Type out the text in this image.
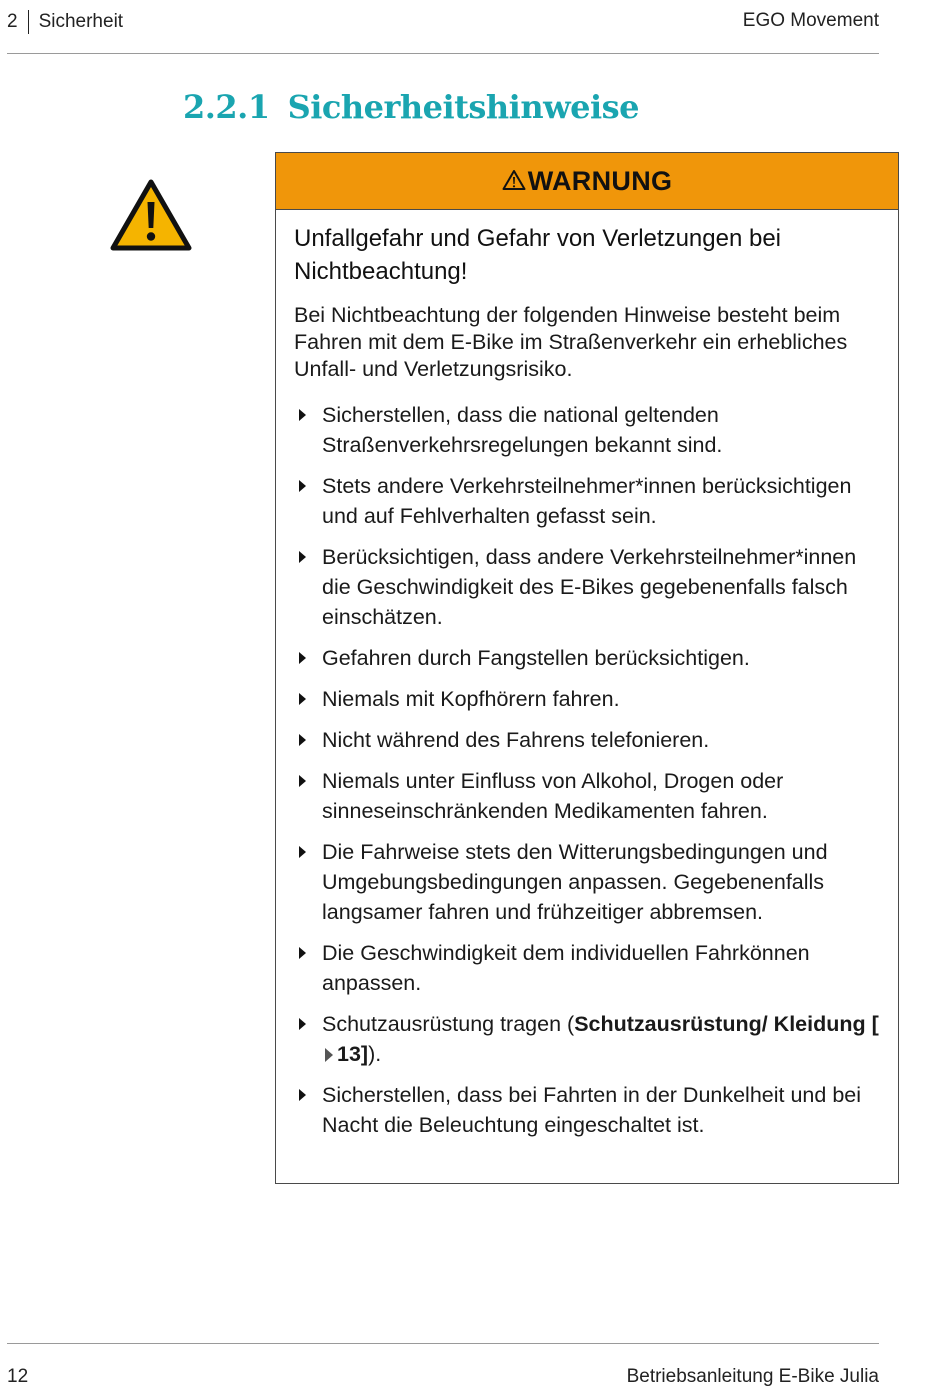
2 Sicherheit	EGO Movement
2.2.1 Sicherheitshinweise
WARNUNG

Unfallgefahr und Gefahr von Verletzungen bei Nichtbeachtung!

Bei Nichtbeachtung der folgenden Hinweise besteht beim Fahren mit dem E-Bike im Straßenverkehr ein erhebliches Unfall- und Verletzungsrisiko.

Sicherstellen, dass die national geltenden Straßenverkehrsregelungen bekannt sind.
Stets andere Verkehrsteilnehmer*innen berücksichtigen und auf Fehlverhalten gefasst sein.
Berücksichtigen, dass andere Verkehrsteilnehmer*innen die Geschwindigkeit des E-Bikes gegebenenfalls falsch einschätzen.
Gefahren durch Fangstellen berücksichtigen.
Niemals mit Kopfhörern fahren.
Nicht während des Fahrens telefonieren.
Niemals unter Einfluss von Alkohol, Drogen oder sinneseinschränkenden Medikamenten fahren.
Die Fahrweise stets den Witterungsbedingungen und Umgebungsbedingungen anpassen. Gegebenenfalls langsamer fahren und frühzeitiger abbremsen.
Die Geschwindigkeit dem individuellen Fahrkönnen anpassen.
Schutzausrüstung tragen (Schutzausrüstung/ Kleidung [13]).
Sicherstellen, dass bei Fahrten in der Dunkelheit und bei Nacht die Beleuchtung eingeschaltet ist.
12	Betriebsanleitung E-Bike Julia
